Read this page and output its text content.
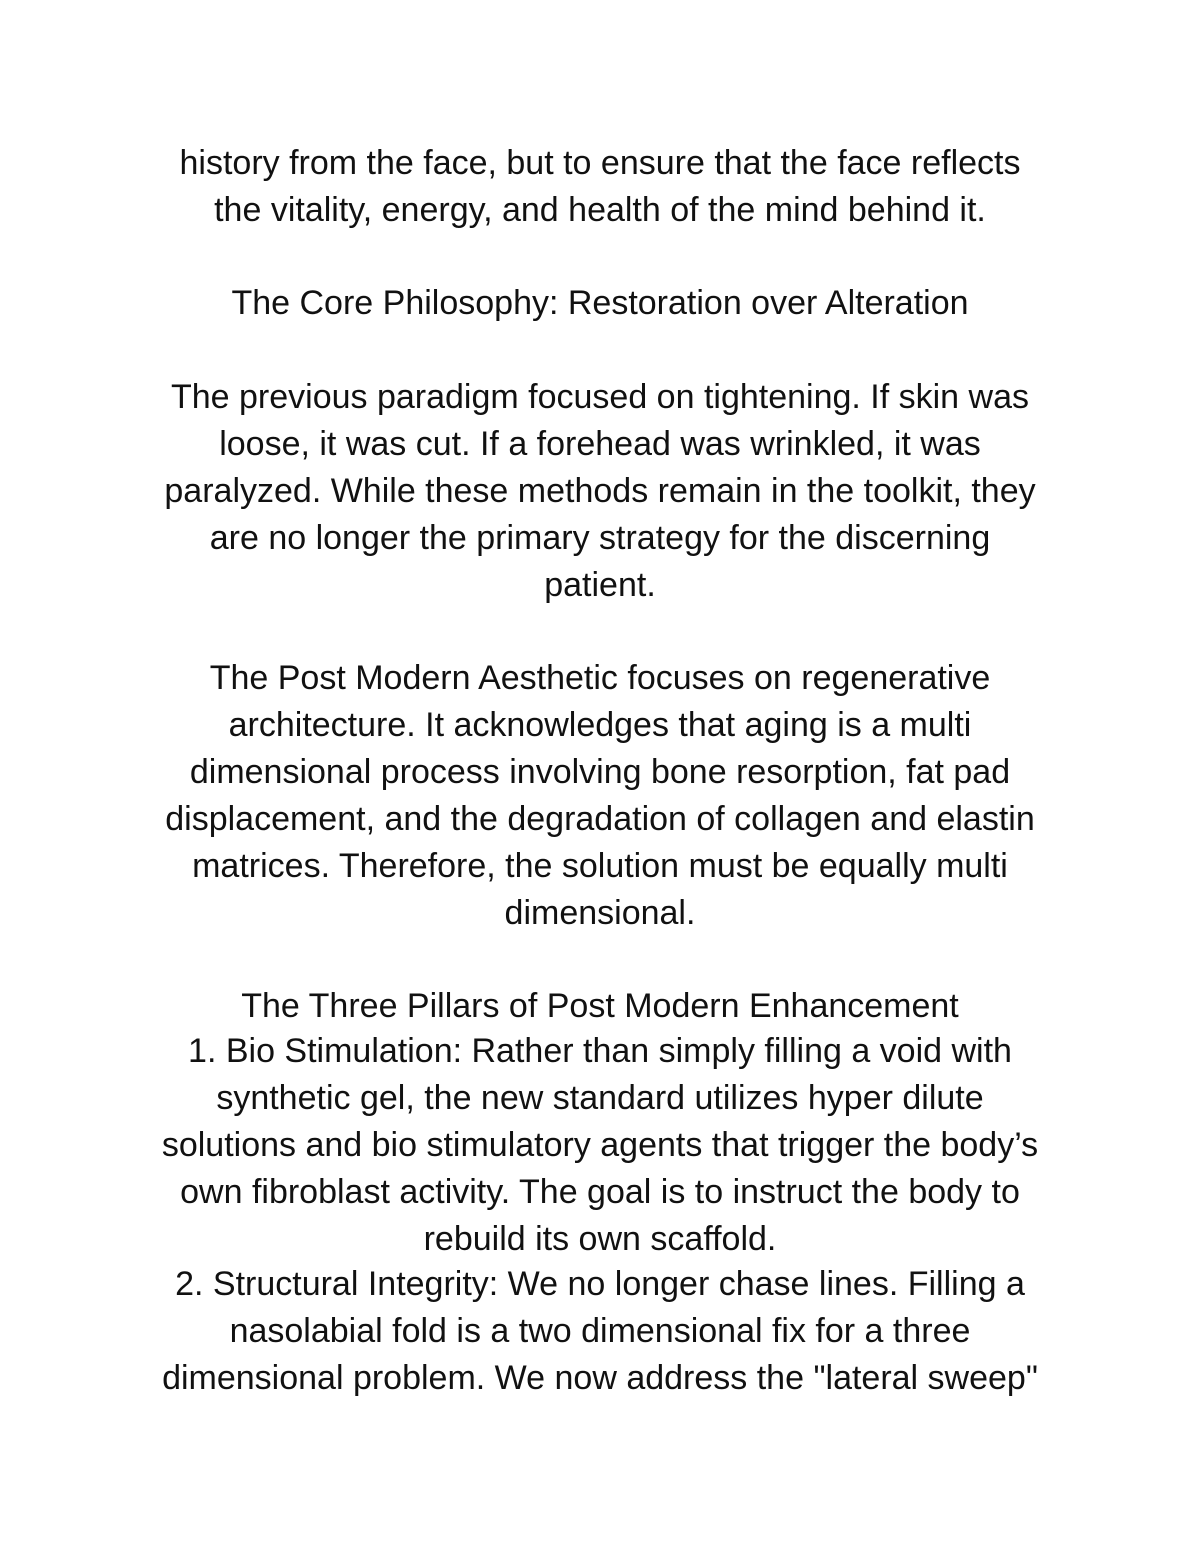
history from the face, but to ensure that the face reflects
the vitality, energy, and health of the mind behind it.
The Core Philosophy: Restoration over Alteration
The previous paradigm focused on tightening. If skin was
loose, it was cut. If a forehead was wrinkled, it was
paralyzed. While these methods remain in the toolkit, they
are no longer the primary strategy for the discerning
patient.
The Post Modern Aesthetic focuses on regenerative
architecture. It acknowledges that aging is a multi
dimensional process involving bone resorption, fat pad
displacement, and the degradation of collagen and elastin
matrices. Therefore, the solution must be equally multi
dimensional.
The Three Pillars of Post Modern Enhancement
1. Bio Stimulation: Rather than simply filling a void with
synthetic gel, the new standard utilizes hyper dilute
solutions and bio stimulatory agents that trigger the body’s
own fibroblast activity. The goal is to instruct the body to
rebuild its own scaffold.
2. Structural Integrity: We no longer chase lines. Filling a
nasolabial fold is a two dimensional fix for a three
dimensional problem. We now address the "lateral sweep"
